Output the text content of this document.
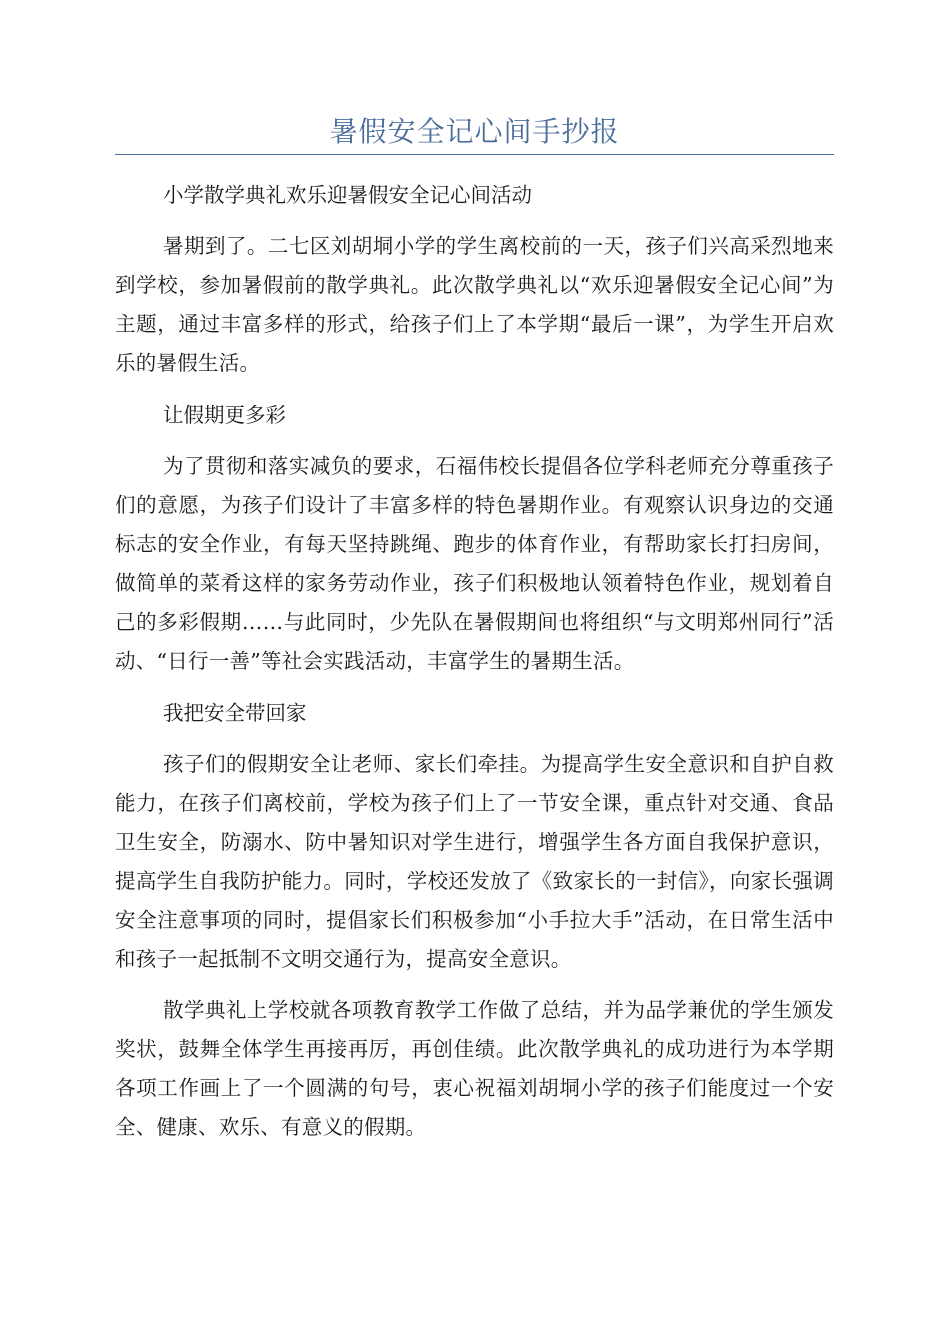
暑假安全记心间手抄报

小学散学典礼欢乐迎暑假安全记心间活动

暑期到了。二七区刘胡垌小学的学生离校前的一天，孩子们兴高采烈地来到学校，参加暑假前的散学典礼。此次散学典礼以“欢乐迎暑假安全记心间”为主题，通过丰富多样的形式，给孩子们上了本学期“最后一课”，为学生开启欢乐的暑假生活。

让假期更多彩

为了贯彻和落实减负的要求，石福伟校长提倡各位学科老师充分尊重孩子们的意愿，为孩子们设计了丰富多样的特色暑期作业。有观察认识身边的交通标志的安全作业，有每天坚持跳绳、跑步的体育作业，有帮助家长打扫房间，做简单的菜肴这样的家务劳动作业，孩子们积极地认领着特色作业，规划着自己的多彩假期……与此同时，少先队在暑假期间也将组织“与文明郑州同行”活动、“日行一善”等社会实践活动，丰富学生的暑期生活。

我把安全带回家

孩子们的假期安全让老师、家长们牵挂。为提高学生安全意识和自护自救能力，在孩子们离校前，学校为孩子们上了一节安全课，重点针对交通、食品卫生安全，防溺水、防中暑知识对学生进行，增强学生各方面自我保护意识，提高学生自我防护能力。同时，学校还发放了《致家长的一封信》，向家长强调安全注意事项的同时，提倡家长们积极参加“小手拉大手”活动，在日常生活中和孩子一起抵制不文明交通行为，提高安全意识。

散学典礼上学校就各项教育教学工作做了总结，并为品学兼优的学生颁发奖状，鼓舞全体学生再接再厉，再创佳绩。此次散学典礼的成功进行为本学期各项工作画上了一个圆满的句号，衷心祝福刘胡垌小学的孩子们能度过一个安全、健康、欢乐、有意义的假期。
